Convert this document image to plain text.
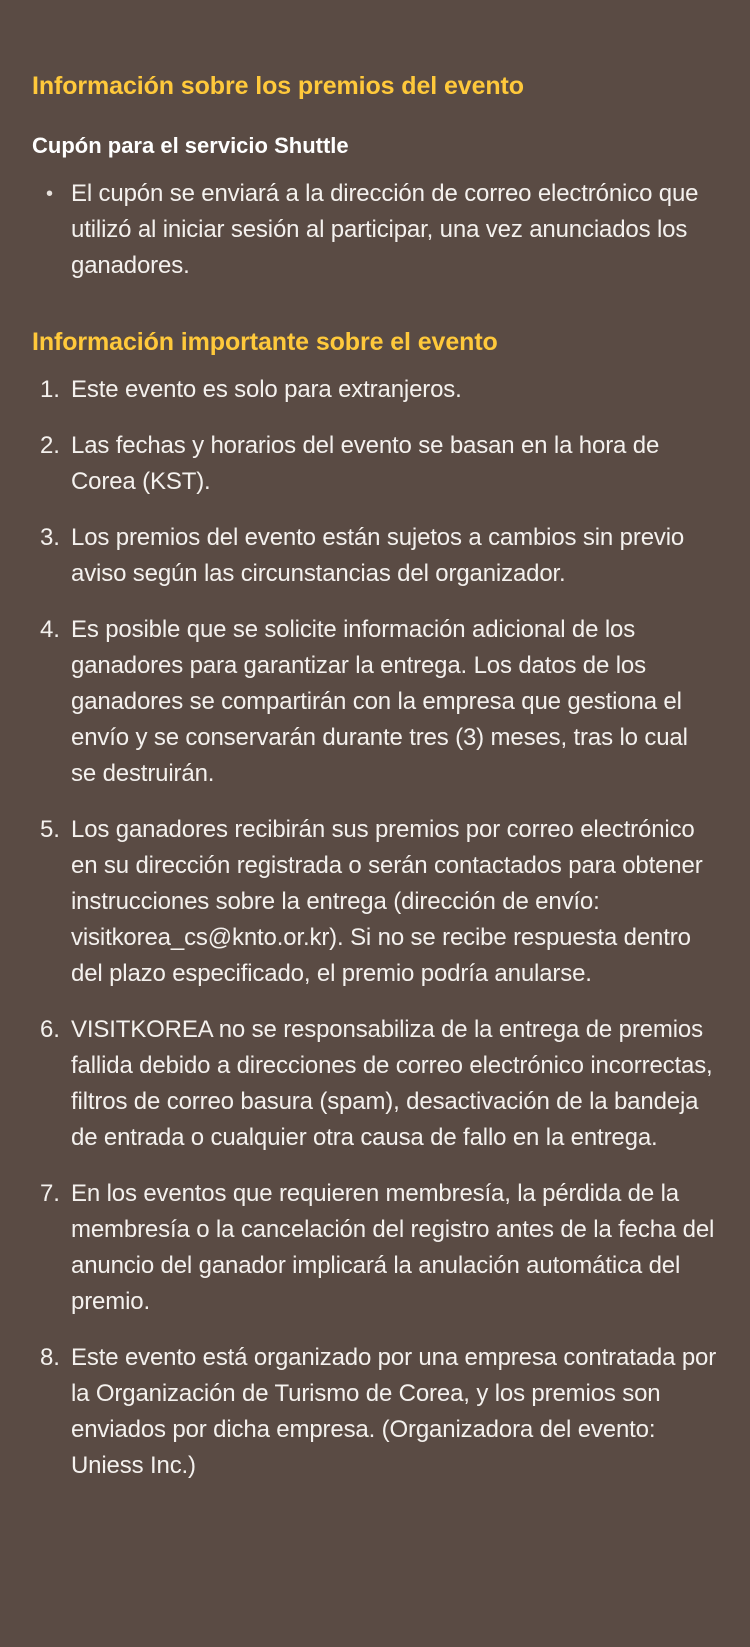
Información sobre los premios del evento
Cupón para el servicio Shuttle
• El cupón se enviará a la dirección de correo electrónico que utilizó al iniciar sesión al participar, una vez anunciados los ganadores.
Información importante sobre el evento
1. Este evento es solo para extranjeros.
2. Las fechas y horarios del evento se basan en la hora de Corea (KST).
3. Los premios del evento están sujetos a cambios sin previo aviso según las circunstancias del organizador.
4. Es posible que se solicite información adicional de los ganadores para garantizar la entrega. Los datos de los ganadores se compartirán con la empresa que gestiona el envío y se conservarán durante tres (3) meses, tras lo cual se destruirán.
5. Los ganadores recibirán sus premios por correo electrónico en su dirección registrada o serán contactados para obtener instrucciones sobre la entrega (dirección de envío: visitkorea_cs@knto.or.kr). Si no se recibe respuesta dentro del plazo especificado, el premio podría anularse.
6. VISITKOREA no se responsabiliza de la entrega de premios fallida debido a direcciones de correo electrónico incorrectas, filtros de correo basura (spam), desactivación de la bandeja de entrada o cualquier otra causa de fallo en la entrega.
7. En los eventos que requieren membresía, la pérdida de la membresía o la cancelación del registro antes de la fecha del anuncio del ganador implicará la anulación automática del premio.
8. Este evento está organizado por una empresa contratada por la Organización de Turismo de Corea, y los premios son enviados por dicha empresa. (Organizadora del evento: Uniess Inc.)
